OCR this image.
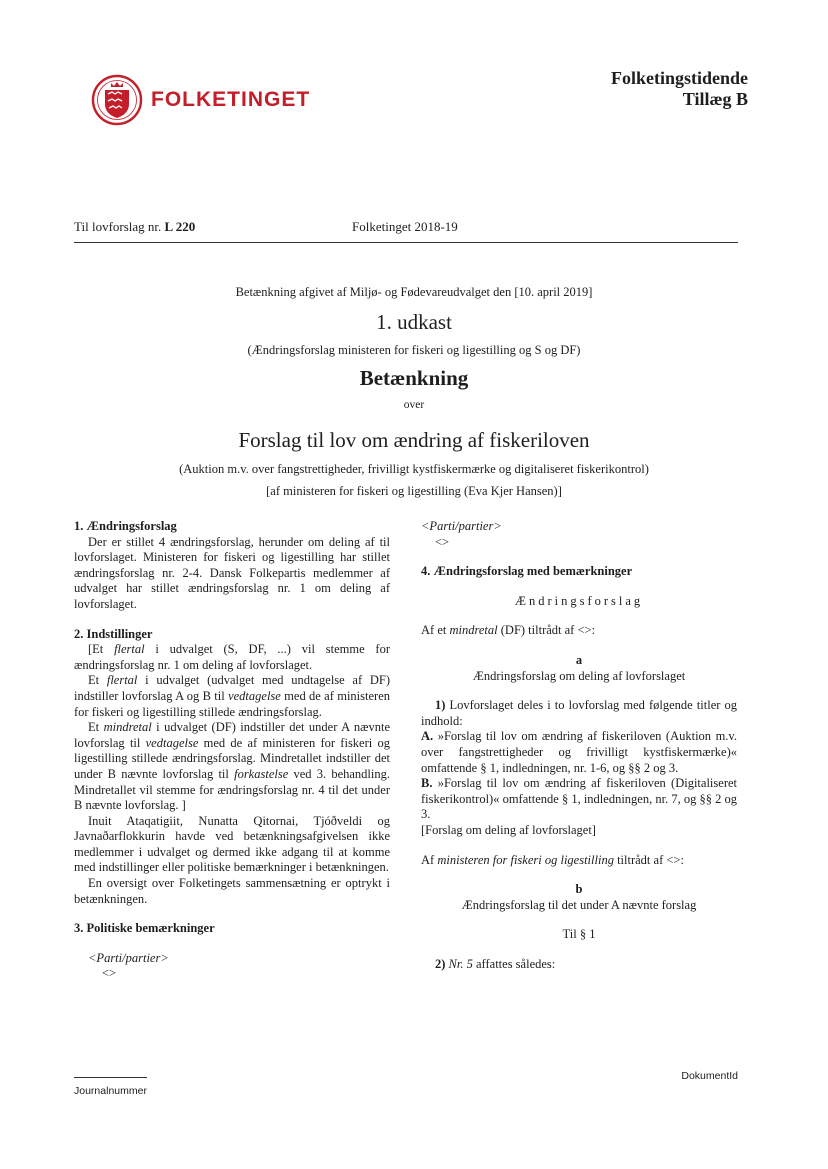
FOLKETINGET
Folketingstidende
Tillæg B
Til lovforslag nr. L 220	Folketinget 2018-19
Betænkning afgivet af Miljø- og Fødevareudvalget den [10. april 2019]
1. udkast
(Ændringsforslag ministeren for fiskeri og ligestilling og S og DF)
Betænkning
over
Forslag til lov om ændring af fiskeriloven
(Auktion m.v. over fangstrettigheder, frivilligt kystfiskermærke og digitaliseret fiskerikontrol)
[af ministeren for fiskeri og ligestilling (Eva Kjer Hansen)]

1. Ændringsforslag

Der er stillet 4 ændringsforslag, herunder om deling af til lovforslaget. Ministeren for fiskeri og ligestilling har stillet ændringsforslag nr. 2-4. Dansk Folkepartis medlemmer af udvalget har stillet ændringsforslag nr. 1 om deling af lovforslaget.

2. Indstillinger

[Et flertal i udvalget (S, DF, ...) vil stemme for ændringsforslag nr. 1 om deling af lovforslaget.

Et flertal i udvalget (udvalget med undtagelse af DF) indstiller lovforslag A og B til vedtagelse med de af ministeren for fiskeri og ligestilling stillede ændringsforslag.

Et mindretal i udvalget (DF) indstiller det under A nævnte lovforslag til vedtagelse med de af ministeren for fiskeri og ligestilling stillede ændringsforslag. Mindretallet indstiller det under B nævnte lovforslag til forkastelse ved 3. behandling. Mindretallet vil stemme for ændringsforslag nr. 4 til det under B nævnte lovforslag. ]

Inuit Ataqatigiit, Nunatta Qitornai, Tjóðveldi og Javnaðarflokkurin havde ved betænkningsafgivelsen ikke medlemmer i udvalget og dermed ikke adgang til at komme med indstillinger eller politiske bemærkninger i betænkningen.

En oversigt over Folketingets sammensætning er optrykt i betænkningen.

3. Politiske bemærkninger

<Parti/partier>

<>

<Parti/partier>

<>

4. Ændringsforslag med bemærkninger

Ændringsforslag

Af et mindretal (DF) tiltrådt af <>:

a

Ændringsforslag om deling af lovforslaget

1) Lovforslaget deles i to lovforslag med følgende titler og indhold:

A. »Forslag til lov om ændring af fiskeriloven (Auktion m.v. over fangstrettigheder og frivilligt kystfiskermærke)« omfattende § 1, indledningen, nr. 1-6, og §§ 2 og 3.

B. »Forslag til lov om ændring af fiskeriloven (Digitaliseret fiskerikontrol)« omfattende § 1, indledningen, nr. 7, og §§ 2 og 3.

[Forslag om deling af lovforslaget]

Af ministeren for fiskeri og ligestilling tiltrådt af <>:

b

Ændringsforslag til det under A nævnte forslag

Til § 1

2) Nr. 5 affattes således:

Journalnummer
DokumentId
